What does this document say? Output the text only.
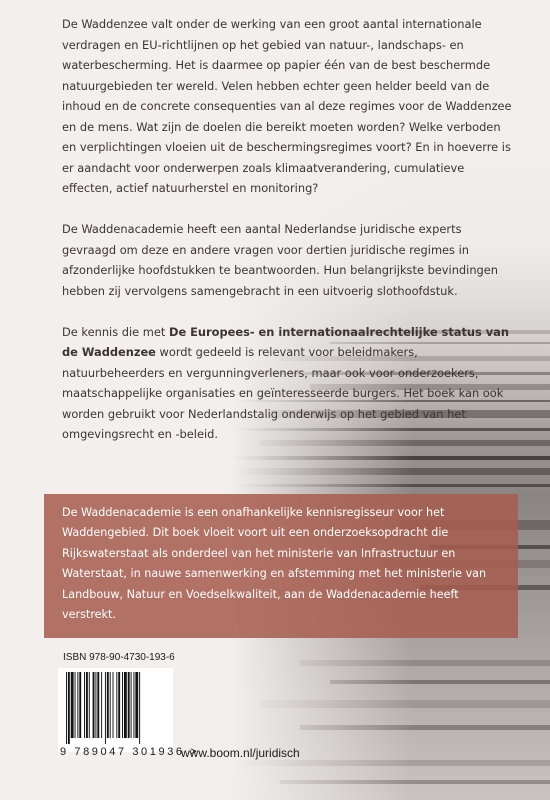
De Waddenzee valt onder de werking van een groot aantal internationale verdragen en EU-richtlijnen op het gebied van natuur-, landschaps- en waterbescherming. Het is daarmee op papier één van de best beschermde natuurgebieden ter wereld. Velen hebben echter geen helder beeld van de inhoud en de concrete consequenties van al deze regimes voor de Waddenzee en de mens. Wat zijn de doelen die bereikt moeten worden? Welke verboden en verplichtingen vloeien uit de beschermingsregimes voort? En in hoeverre is er aandacht voor onderwerpen zoals klimaatverandering, cumulatieve effecten, actief natuurherstel en monitoring?

De Waddenacademie heeft een aantal Nederlandse juridische experts gevraagd om deze en andere vragen voor dertien juridische regimes in afzonderlijke hoofdstukken te beantwoorden. Hun belangrijkste bevindingen hebben zij vervolgens samengebracht in een uitvoerig slothoofdstuk.

De kennis die met De Europees- en internationaalrechtelijke status van de Waddenzee wordt gedeeld is relevant voor beleidmakers, natuurbeheerders en vergunningverleners, maar ook voor onderzoekers, maatschappelijke organisaties en geïnteresseerde burgers. Het boek kan ook worden gebruikt voor Nederlandstalig onderwijs op het gebied van het omgevingsrecht en -beleid.

De Waddenacademie is een onafhankelijke kennisregisseur voor het Waddengebied. Dit boek vloeit voort uit een onderzoeksopdracht die Rijkswaterstaat als onderdeel van het ministerie van Infrastructuur en Waterstaat, in nauwe samenwerking en afstemming met het ministerie van Landbouw, Natuur en Voedselkwaliteit, aan de Waddenacademie heeft verstrekt.
ISBN 978-90-4730-193-6
9 789047 301936 >
www.boom.nl/juridisch
